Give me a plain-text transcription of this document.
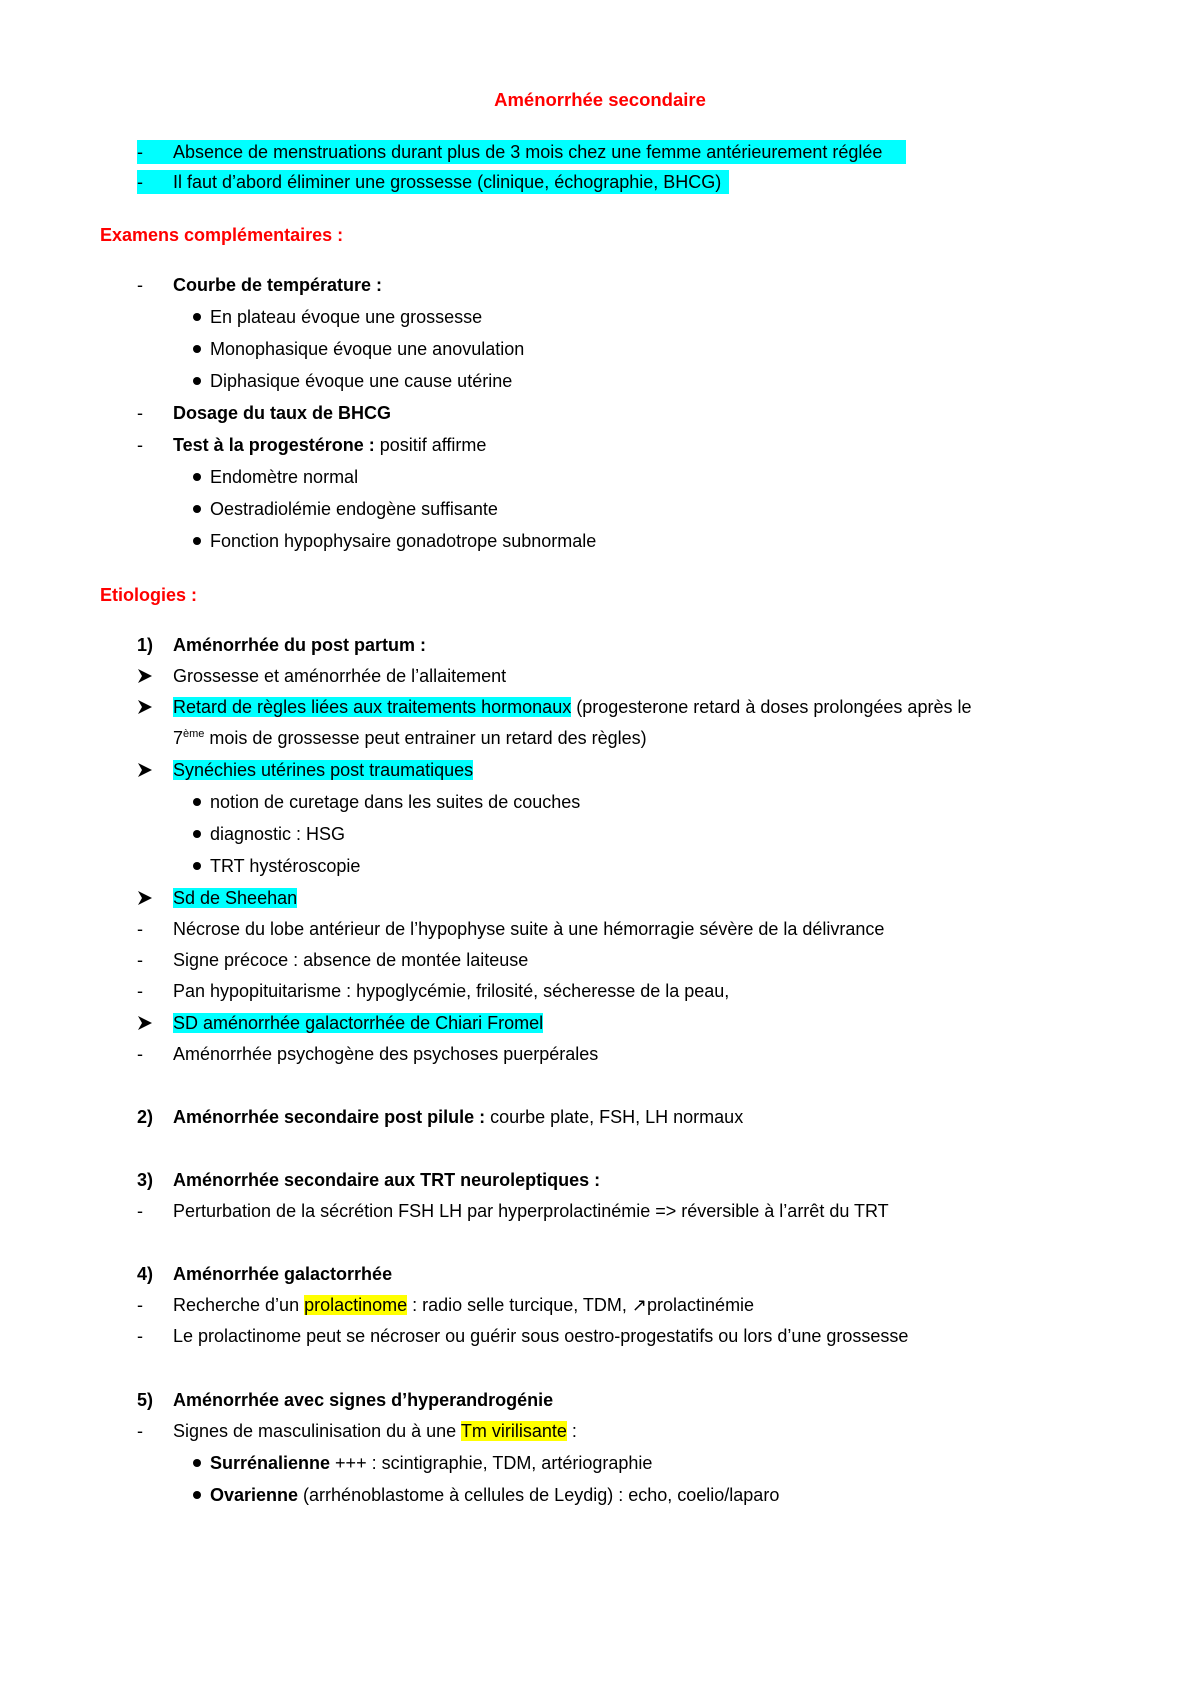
Aménorrhée secondaire
-	Absence de menstruations durant plus de 3 mois chez une femme antérieurement réglée
-	Il faut d’abord éliminer une grossesse (clinique, échographie, BHCG)
Examens complémentaires :
-	Courbe de température :
En plateau évoque une grossesse
Monophasique évoque une anovulation
Diphasique évoque une cause utérine
-	Dosage du taux de BHCG
-	Test à la progestérone : positif affirme
Endomètre normal
Oestradiolémie endogène suffisante
Fonction hypophysaire gonadotrope subnormale
Etiologies :
1)	Aménorrhée du post partum :
Grossesse et aménorrhée de l’allaitement
Retard de règles liées aux traitements hormonaux (progesterone retard à doses prolongées après le
7ème mois de grossesse peut entrainer un retard des règles)
Synéchies utérines post traumatiques
notion de curetage dans les suites de couches
diagnostic : HSG
TRT hystéroscopie
Sd de Sheehan
-	Nécrose du lobe antérieur de l’hypophyse suite à une hémorragie sévère de la délivrance
-	Signe précoce : absence de montée laiteuse
-	Pan hypopituitarisme : hypoglycémie, frilosité, sécheresse de la peau,
SD aménorrhée galactorrhée de Chiari Fromel
-	Aménorrhée psychogène des psychoses puerpérales
2)	Aménorrhée secondaire post pilule : courbe plate, FSH, LH normaux
3)	Aménorrhée secondaire aux TRT neuroleptiques :
-	Perturbation de la sécrétion FSH LH par hyperprolactinémie => réversible à l’arrêt du TRT
4)	Aménorrhée galactorrhée
-	Recherche d’un prolactinome : radio selle turcique, TDM, ↗prolactinémie
-	Le prolactinome peut se nécroser ou guérir sous oestro-progestatifs ou lors d’une grossesse
5)	Aménorrhée avec signes d’hyperandrogénie
-	Signes de masculinisation du à une Tm virilisante :
Surrénalienne +++ : scintigraphie, TDM, artériographie
Ovarienne (arrhénoblastome à cellules de Leydig) : echo, coelio/laparo
